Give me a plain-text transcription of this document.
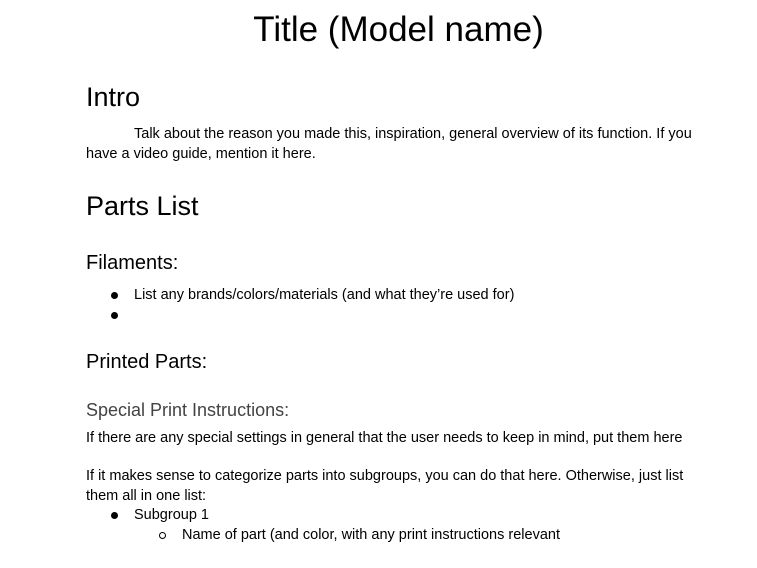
Title (Model name)
Intro
Talk about the reason you made this, inspiration, general overview of its function. If you have a video guide, mention it here.
Parts List
Filaments:
List any brands/colors/materials (and what they’re used for)
Printed Parts:
Special Print Instructions:
If there are any special settings in general that the user needs to keep in mind, put them here
If it makes sense to categorize parts into subgroups, you can do that here. Otherwise, just list them all in one list:
Subgroup 1
Name of part (and color, with any print instructions relevant
